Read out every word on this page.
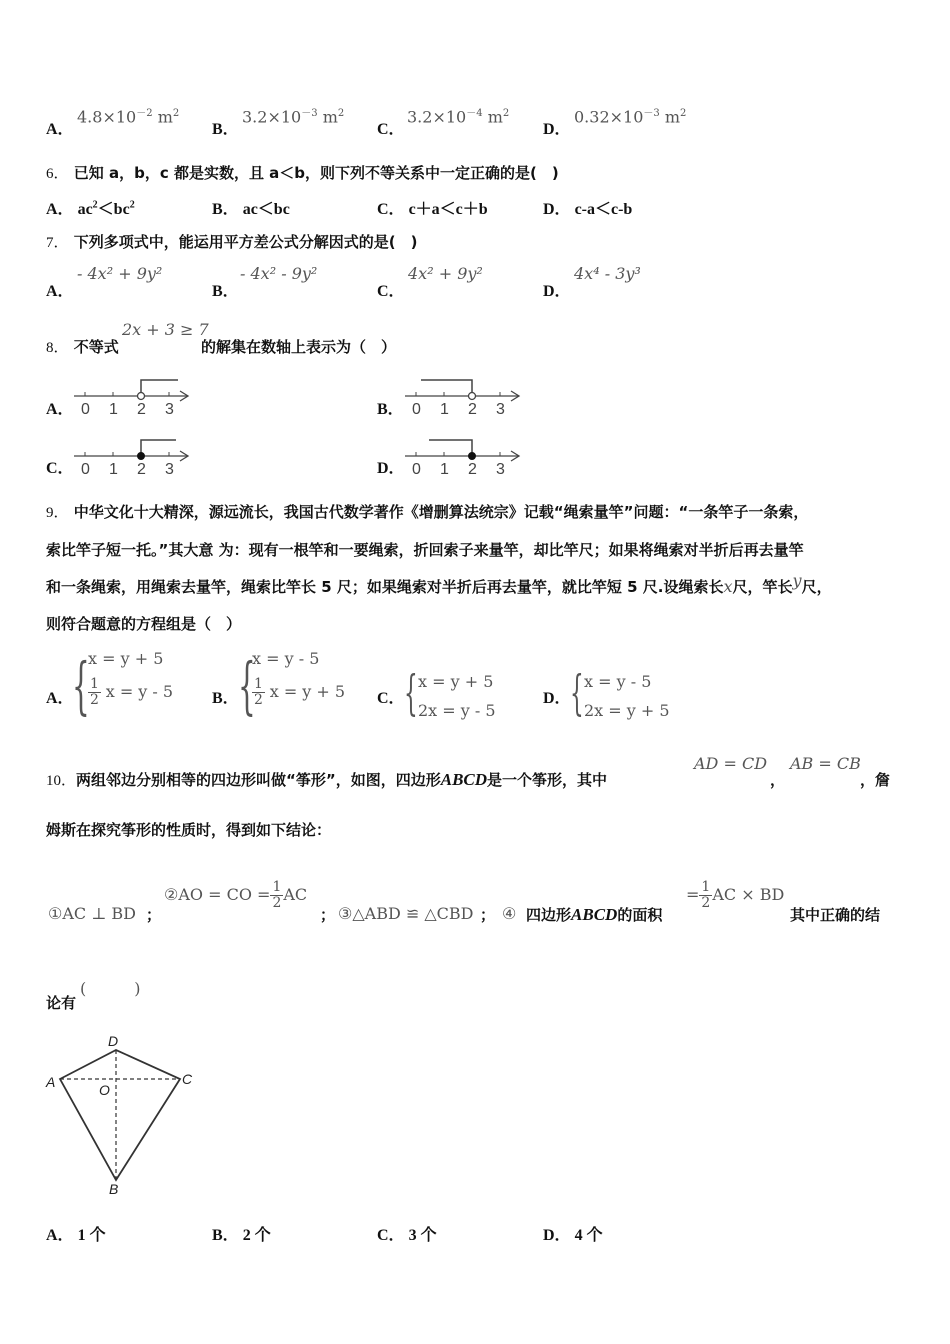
A．
$4.8\times 10^{-2}$ $m^2$
B．
$3.2\times 10^{-3}$ $m^2$
C．
$3.2\times 10^{-4}$ $m^2$
D．
$0.32\times 10^{-3}$ $m^2$
6． 已知 a，b，c 都是实数，且 a＜b，则下列不等关系中一定正确的是(　)
A． $ac^2<bc^2$	B． ac＜bc	C． c＋a＜c＋b	D． c-a＜c-b
7． 下列多项式中，能运用平方差公式分解因式的是(　)
A．
- 4x² + 9y²
B．
- 4x² - 9y²
C．
4x² + 9y²
D．
4x⁴ - 3y³
8． 不等式
2x + 3 ≥ 7
的解集在数轴上表示为（　）
A． 0 1 2 3	B． 0 1 2 3
C． 0 1 2 3	D． 0 1 2 3
9． 中华文化十大精深，源远流长，我国古代数学著作《增删算法统宗》记载“绳索量竿”问题：“一条竿子一条索，
索比竿子短一托。”其大意 为：现有一根竿和一要绳索，折回索子来量竿，却比竿尺；如果将绳索对半折后再去量竿
和一条绳索，用绳索去量竿，绳索比竿长 5 尺；如果绳索对半折后再去量竿，就比竿短 5 尺.设绳索长x尺，竿长y尺，
则符合题意的方程组是（　）
A．
{
x = y + 5
$\frac{1}{2}$ x = y - 5 B． {
x = y - 5
$\frac{1}{2}$ x = y + 5 C． { x = y + 5
2x = y - 5
D． { x = y - 5
2x = y + 5
10．两组邻边分别相等的四边形叫做“筝形”，如图，四边形ABCD是一个筝形，其中
AD = CD
，
AB = CB
，詹
姆斯在探究筝形的性质时，得到如下结论：
①AC ⊥ BD ；
②AO = CO = $\frac{1}{2}$ AC
； ③△ABD ≌ △CBD ； ④ 四边形ABCD的面积
= $\frac{1}{2}$ AC × BD
其中正确的结
论有
(　　　)
A
D
C
O
B
A． 1 个	B． 2 个	C． 3 个	D． 4 个
